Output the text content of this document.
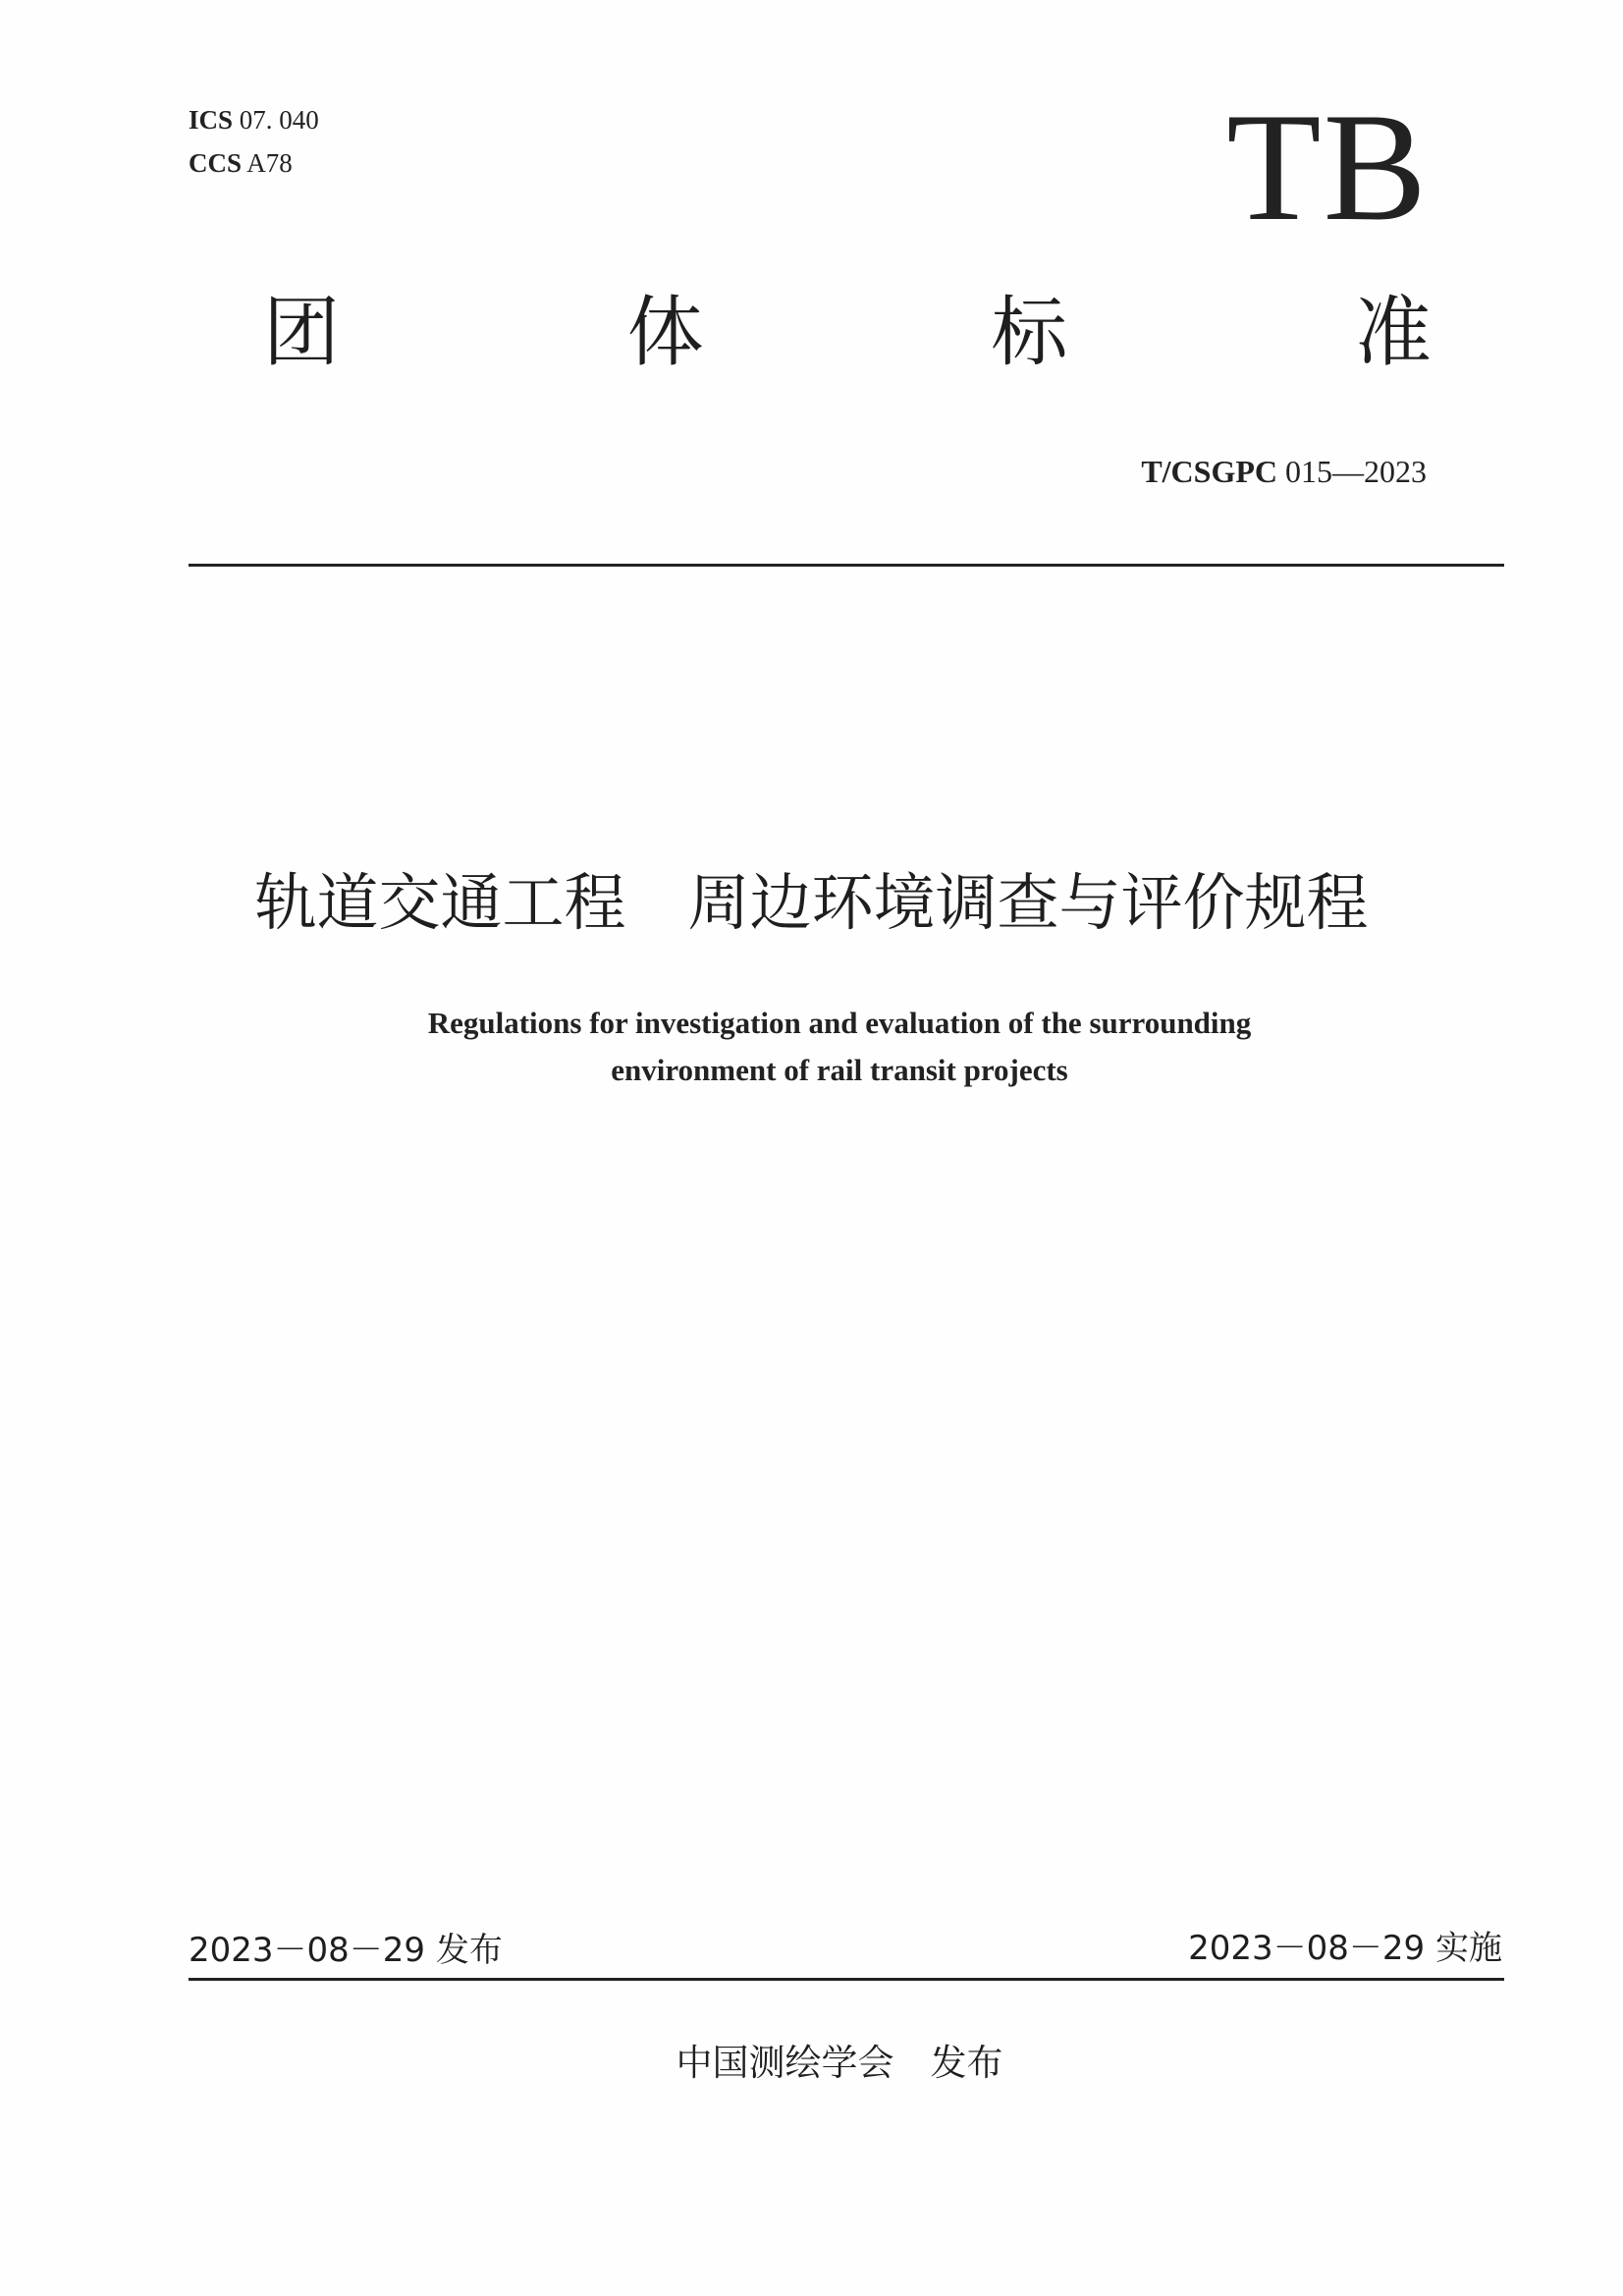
ICS 07. 040
CCS A78	TB
团	体	标	准
T/CSGPC 015—2023
轨道交通工程　周边环境调查与评价规程
Regulations for investigation and evaluation of the surrounding
environment of rail transit projects
2023－08－29 发布	2023－08－29 实施
中国测绘学会　发布
